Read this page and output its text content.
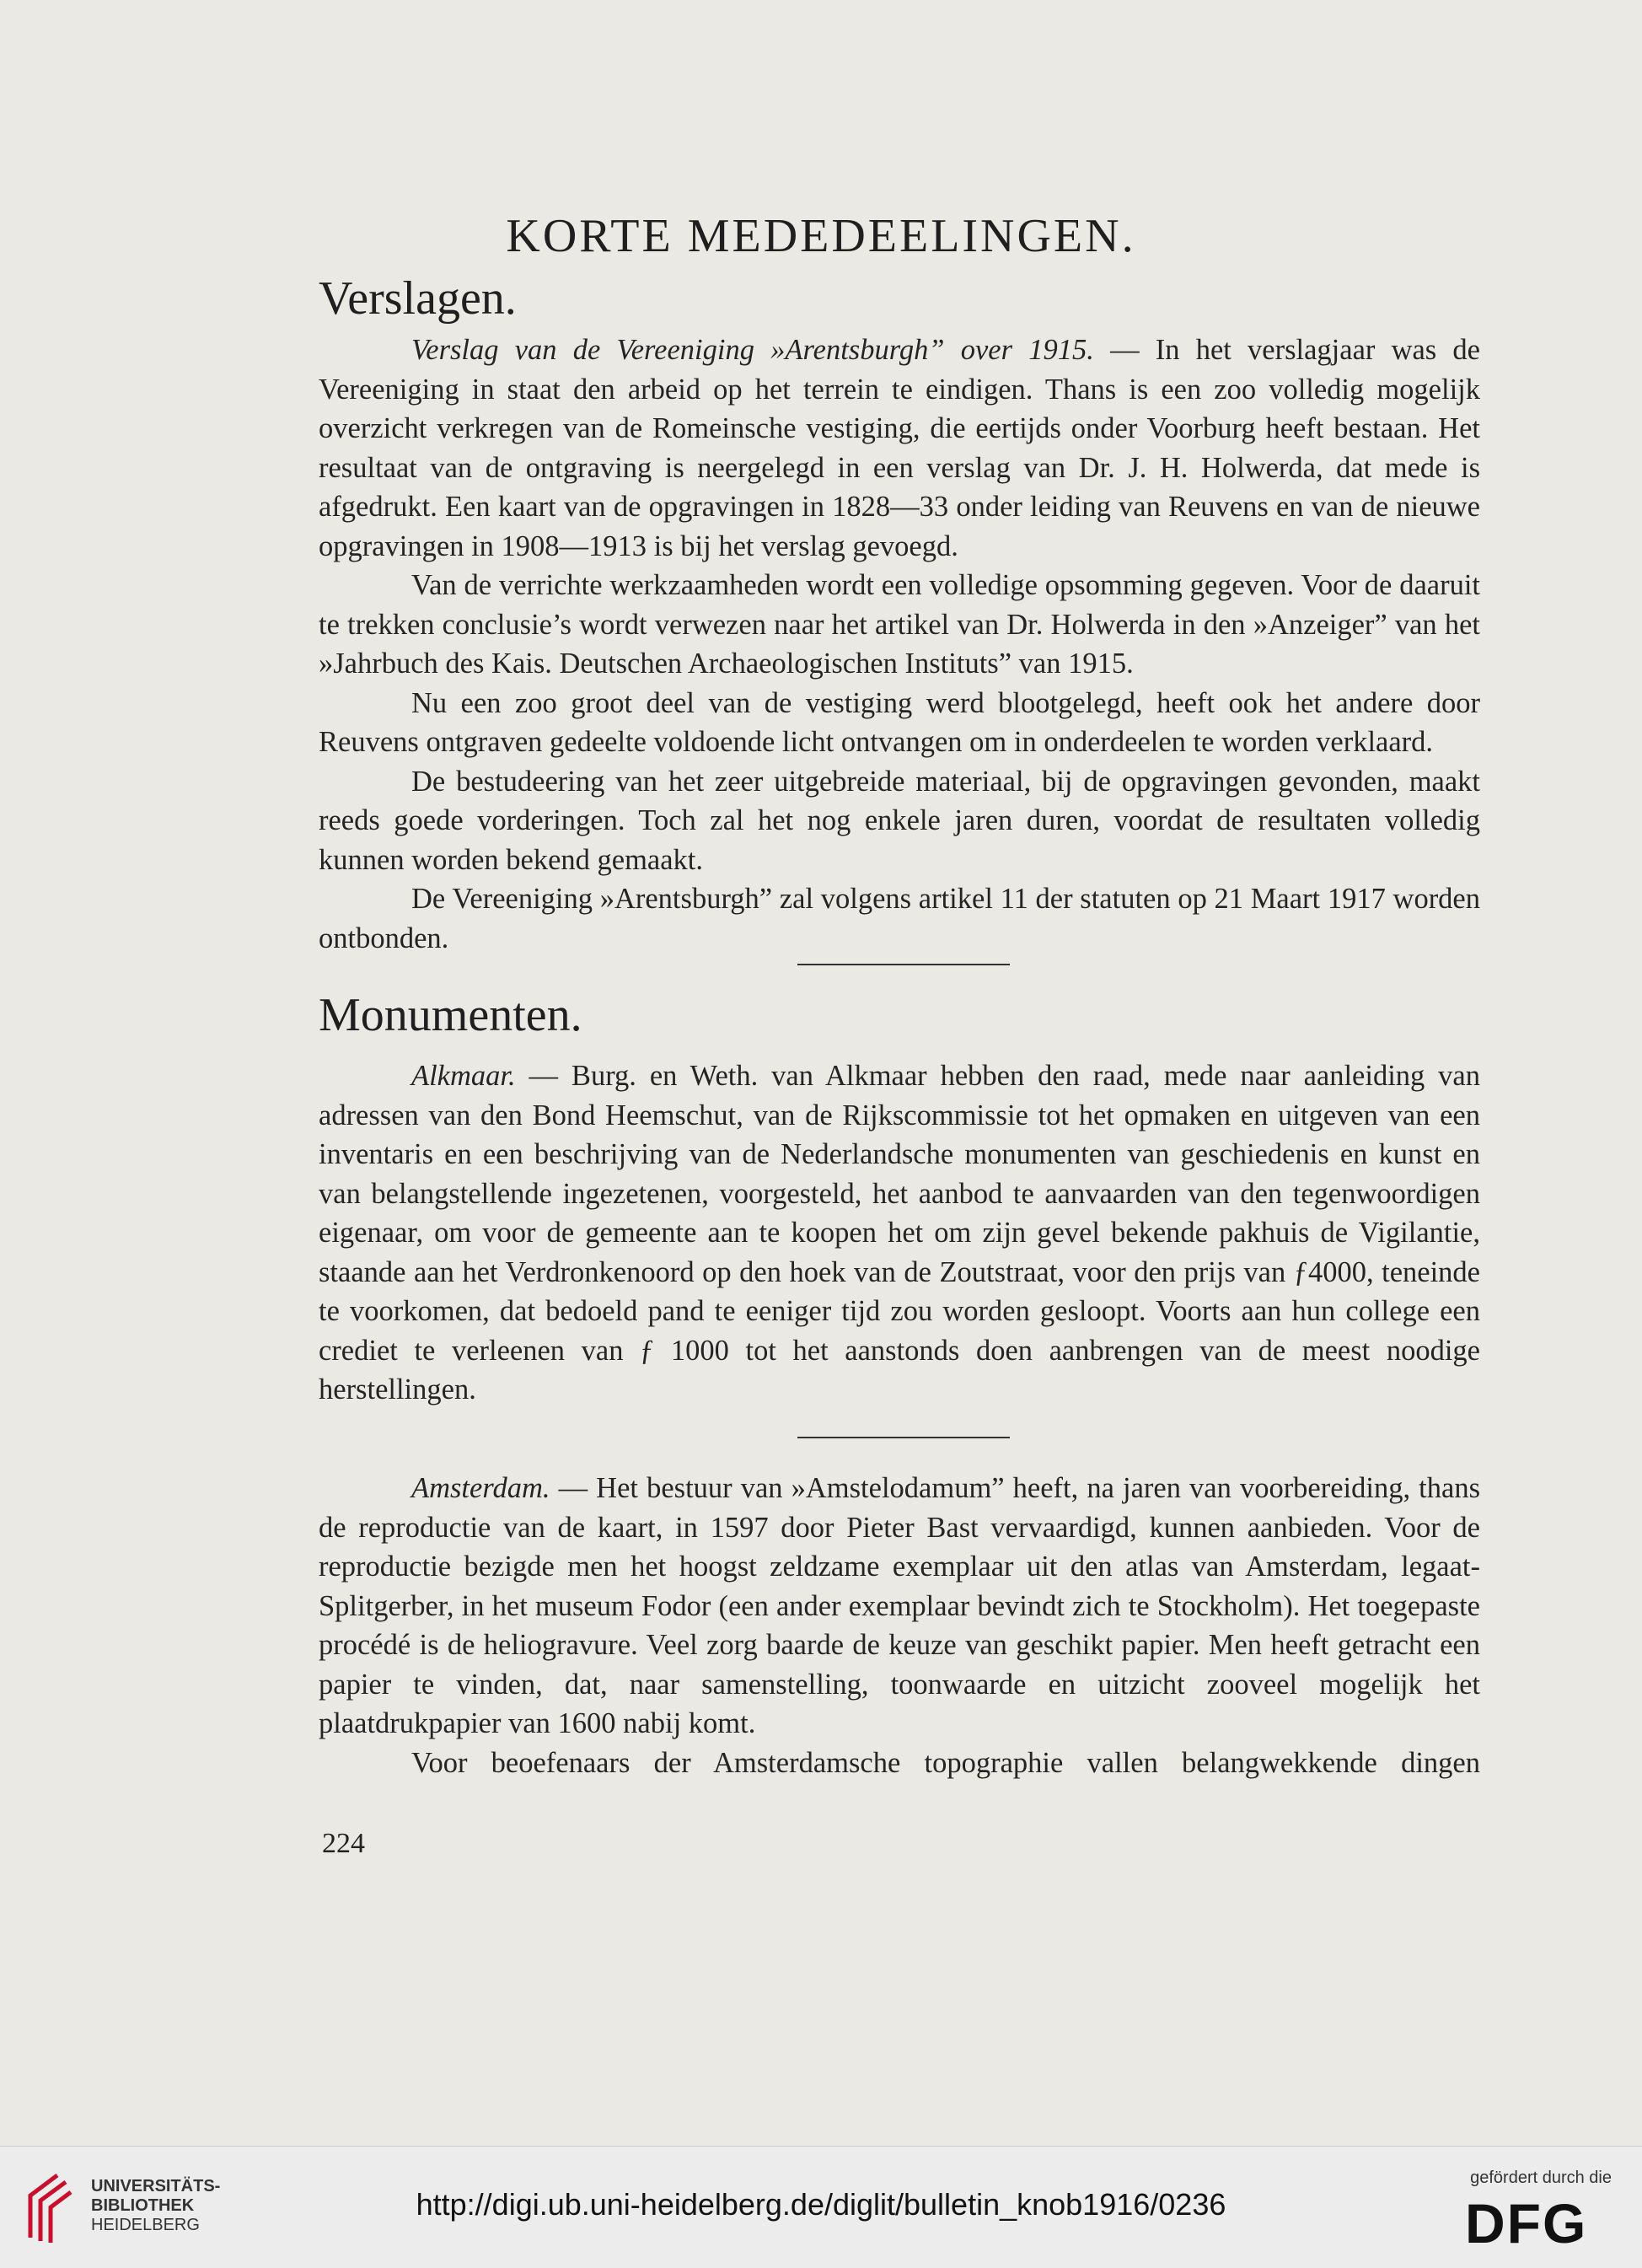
KORTE MEDEDEELINGEN.
Verslagen.

Verslag van de Vereeniging »Arentsburgh” over 1915. — In het verslagjaar was de Vereeniging in staat den arbeid op het terrein te eindigen. Thans is een zoo volledig mogelijk overzicht verkregen van de Romeinsche vestiging, die eertijds onder Voorburg heeft bestaan. Het resultaat van de ontgraving is neergelegd in een verslag van Dr. J. H. Holwerda, dat mede is afgedrukt. Een kaart van de opgravingen in 1828—33 onder leiding van Reuvens en van de nieuwe opgravingen in 1908—1913 is bij het verslag gevoegd.

Van de verrichte werkzaamheden wordt een volledige opsomming gegeven. Voor de daaruit te trekken conclusie’s wordt verwezen naar het artikel van Dr. Holwerda in den »Anzeiger” van het »Jahrbuch des Kais. Deutschen Archaeologischen Instituts” van 1915.

Nu een zoo groot deel van de vestiging werd blootgelegd, heeft ook het andere door Reuvens ontgraven gedeelte voldoende licht ontvangen om in onderdeelen te worden verklaard.

De bestudeering van het zeer uitgebreide materiaal, bij de opgravingen gevonden, maakt reeds goede vorderingen. Toch zal het nog enkele jaren duren, voordat de resultaten volledig kunnen worden bekend gemaakt.

De Vereeniging »Arentsburgh” zal volgens artikel 11 der statuten op 21 Maart 1917 worden ontbonden.

Monumenten.

Alkmaar. — Burg. en Weth. van Alkmaar hebben den raad, mede naar aanleiding van adressen van den Bond Heemschut, van de Rijkscommissie tot het opmaken en uitgeven van een inventaris en een beschrijving van de Nederlandsche monumenten van geschiedenis en kunst en van belangstellende ingezetenen, voorgesteld, het aanbod te aanvaarden van den tegenwoordigen eigenaar, om voor de gemeente aan te koopen het om zijn gevel bekende pakhuis de Vigilantie, staande aan het Verdronkenoord op den hoek van de Zoutstraat, voor den prijs van ƒ4000, teneinde te voorkomen, dat bedoeld pand te eeniger tijd zou worden gesloopt. Voorts aan hun college een crediet te verleenen van ƒ 1000 tot het aanstonds doen aanbrengen van de meest noodige herstellingen.

Amsterdam. — Het bestuur van »Amstelodamum” heeft, na jaren van voorbereiding, thans de reproductie van de kaart, in 1597 door Pieter Bast vervaardigd, kunnen aanbieden. Voor de reproductie bezigde men het hoogst zeldzame exemplaar uit den atlas van Amsterdam, legaat-Splitgerber, in het museum Fodor (een ander exemplaar bevindt zich te Stockholm). Het toegepaste procédé is de heliogravure. Veel zorg baarde de keuze van geschikt papier. Men heeft getracht een papier te vinden, dat, naar samenstelling, toonwaarde en uitzicht zooveel mogelijk het plaatdrukpapier van 1600 nabij komt.

Voor beoefenaars der Amsterdamsche topographie vallen belangwekkende dingen

224
UNIVERSITÄTS-
BIBLIOTHEK
HEIDELBERG
http://digi.ub.uni-heidelberg.de/diglit/bulletin_knob1916/0236
gefördert durch die
DFG
